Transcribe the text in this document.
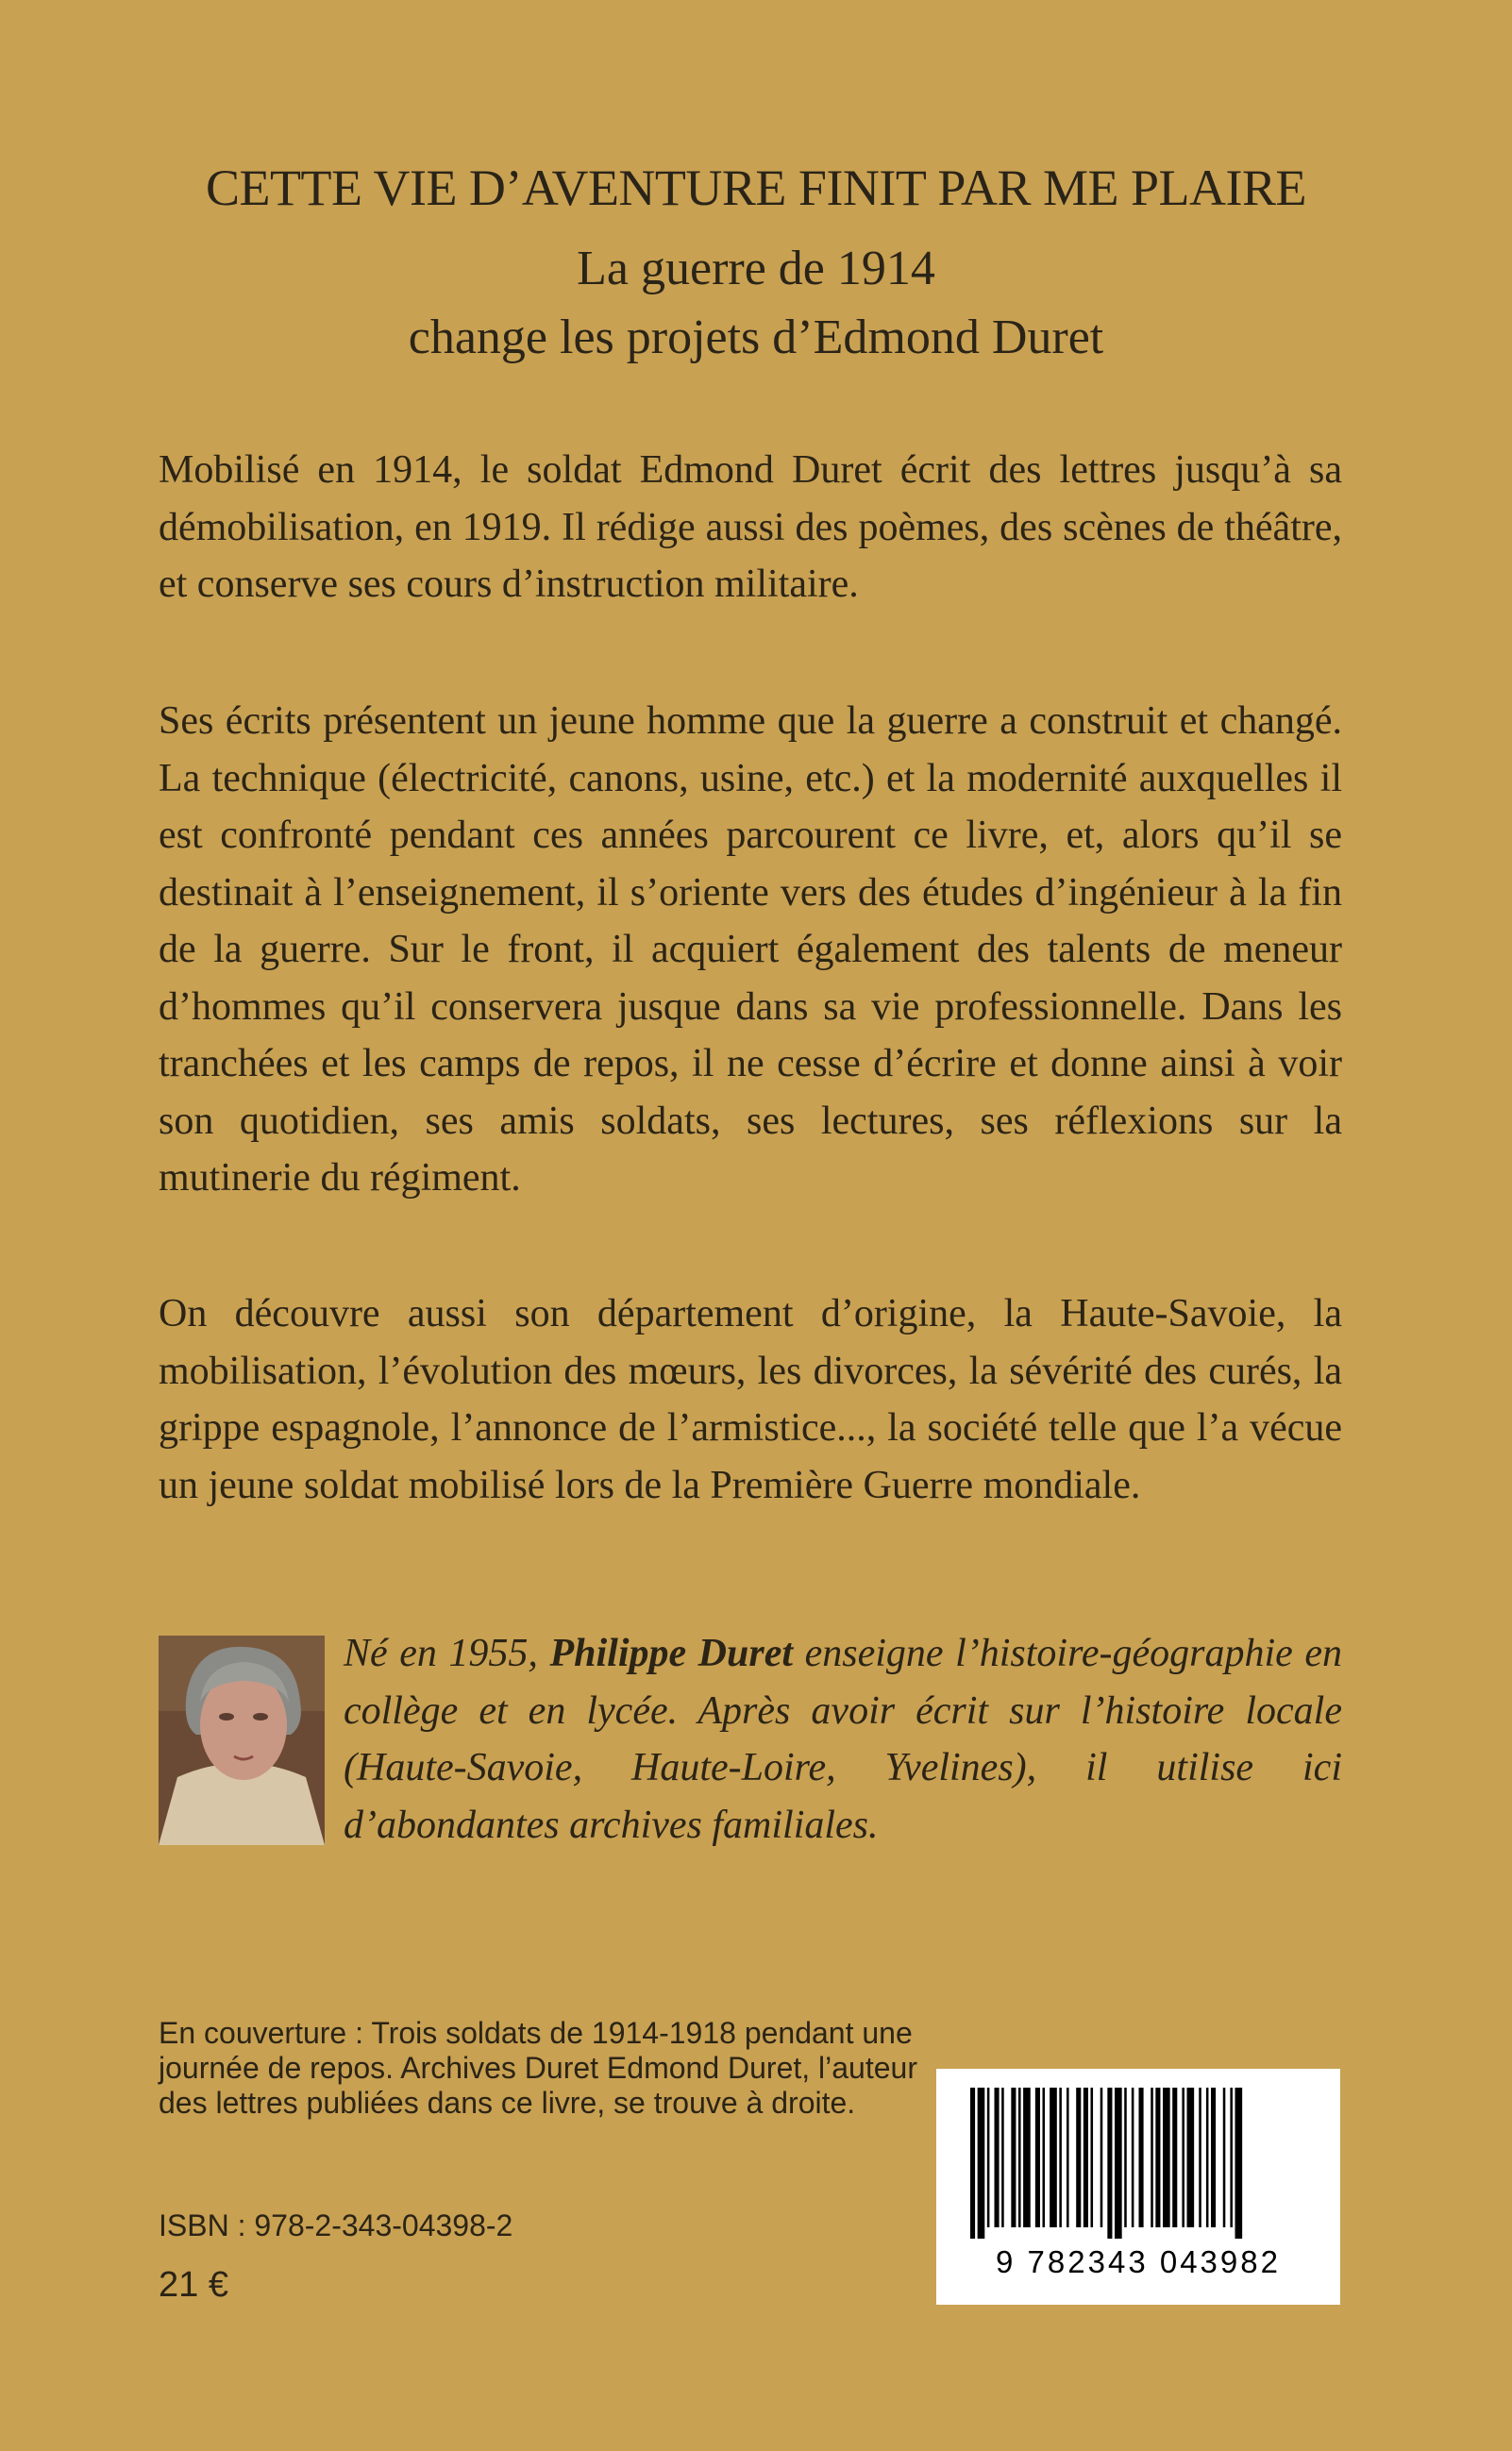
CETTE VIE D’AVENTURE FINIT PAR ME PLAIRE
La guerre de 1914
change les projets d’Edmond Duret

Mobilisé en 1914, le soldat Edmond Duret écrit des lettres jusqu’à sa démobilisation, en 1919. Il rédige aussi des poèmes, des scènes de théâtre, et conserve ses cours d’instruction militaire.

Ses écrits présentent un jeune homme que la guerre a construit et changé. La technique (électricité, canons, usine, etc.) et la modernité auxquelles il est confronté pendant ces années parcourent ce livre, et, alors qu’il se destinait à l’enseignement, il s’oriente vers des études d’ingénieur à la fin de la guerre. Sur le front, il acquiert également des talents de meneur d’hommes qu’il conservera jusque dans sa vie professionnelle. Dans les tranchées et les camps de repos, il ne cesse d’écrire et donne ainsi à voir son quotidien, ses amis soldats, ses lectures, ses réflexions sur la mutinerie du régiment.

On découvre aussi son département d’origine, la Haute-Savoie, la mobilisation, l’évolution des mœurs, les divorces, la sévérité des curés, la grippe espagnole, l’annonce de l’armistice..., la société telle que l’a vécue un jeune soldat mobilisé lors de la Première Guerre mondiale.

Né en 1955, Philippe Duret enseigne l’histoire-géographie en collège et en lycée. Après avoir écrit sur l’histoire locale (Haute-Savoie, Haute-Loire, Yvelines), il utilise ici d’abondantes archives familiales.

En couverture : Trois soldats de 1914-1918 pendant une journée de repos. Archives Duret Edmond Duret, l’auteur des lettres publiées dans ce livre, se trouve à droite.
ISBN : 978-2-343-04398-2
21 €
9 782343 043982
